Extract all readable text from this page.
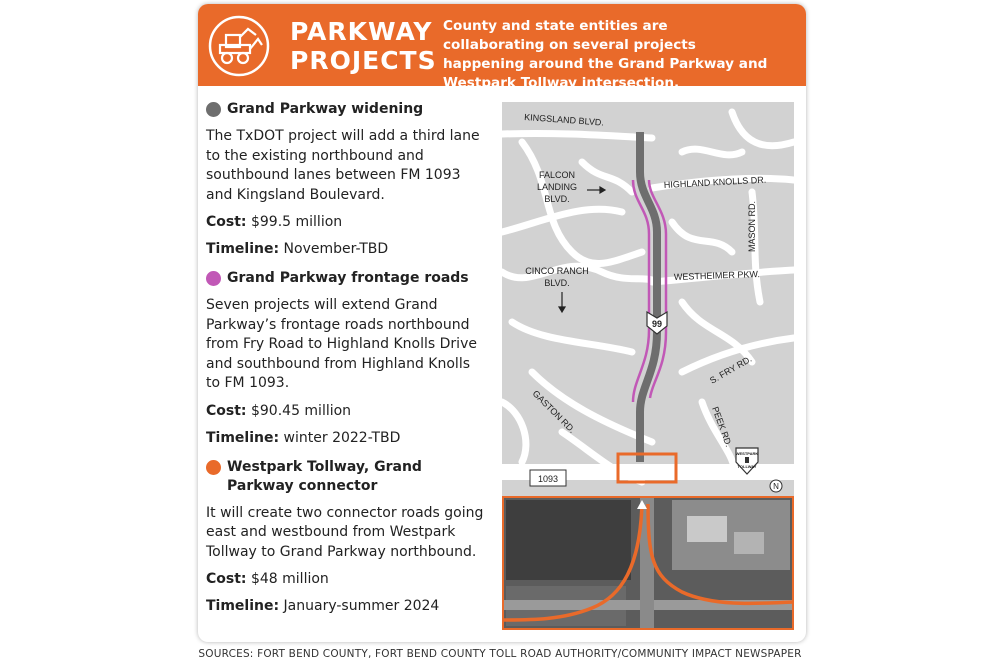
PARKWAY
PROJECTS
County and state entities are collaborating on several projects happening around the Grand Parkway and Westpark Tollway intersection.
Grand Parkway widening

The TxDOT project will add a third lane to the existing northbound and southbound lanes between FM 1093 and Kingsland Boulevard.

Cost: $99.5 million

Timeline: November-TBD

Grand Parkway frontage roads

Seven projects will extend Grand Parkway’s frontage roads northbound from Fry Road to Highland Knolls Drive and southbound from Highland Knolls to FM 1093.

Cost: $90.45 million

Timeline: winter 2022-TBD

Westpark Tollway, Grand Parkway connector

It will create two connector roads going east and westbound from Westpark Tollway to Grand Parkway northbound.

Cost: $48 million

Timeline: January-summer 2024

99
1093
WESTPARK
TOLLWAY
N
KINGSLAND BLVD.
FALCON
LANDING
BLVD.
HIGHLAND KNOLLS DR.
MASON RD.
CINCO RANCH
BLVD.
WESTHEIMER PKW.
S. FRY RD.
GASTON RD.	PEEK RD.
SOURCES: FORT BEND COUNTY, FORT BEND COUNTY TOLL ROAD AUTHORITY/COMMUNITY IMPACT NEWSPAPER
